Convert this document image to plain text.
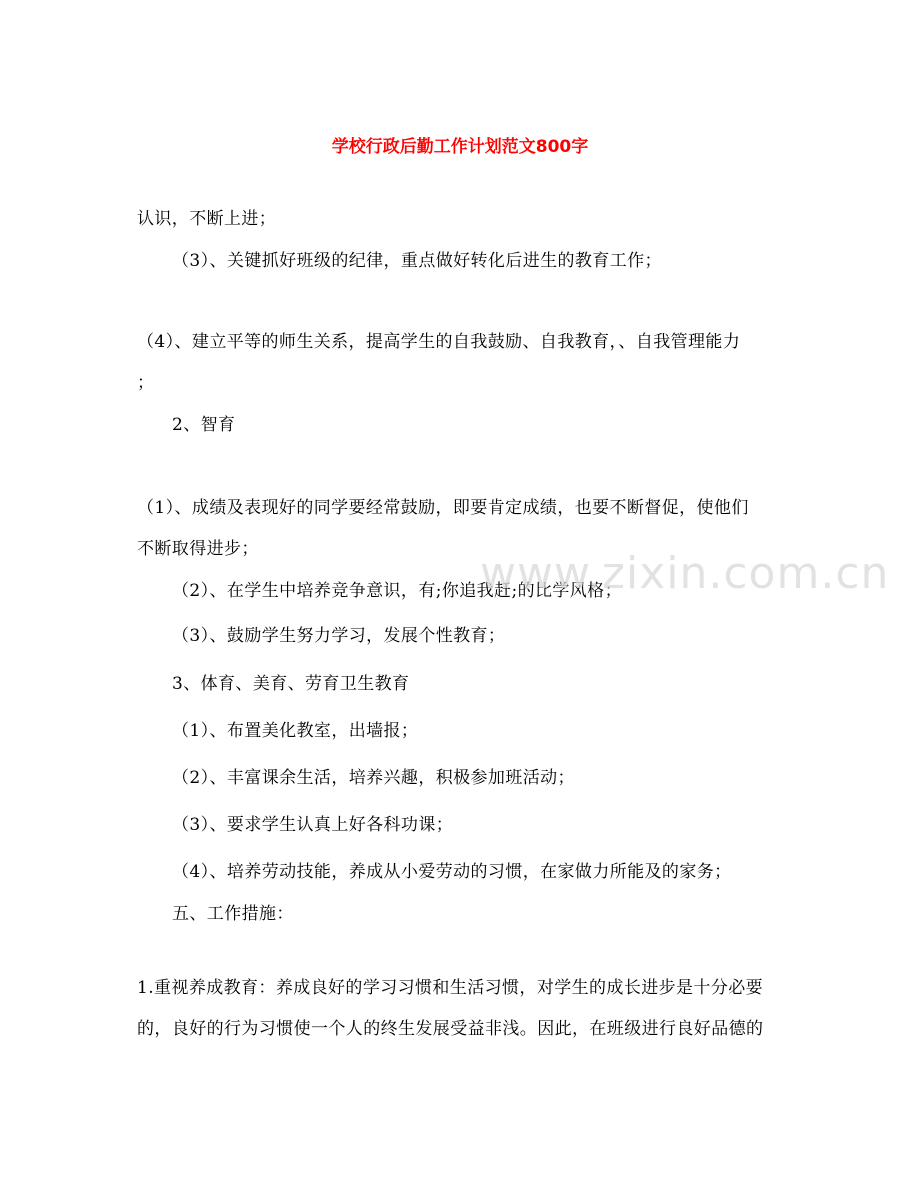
学校行政后勤工作计划范文800字
认识，不断上进；
（3）、关键抓好班级的纪律，重点做好转化后进生的教育工作；
（4）、建立平等的师生关系，提高学生的自我鼓励、自我教育，、自我管理能力
；
2、智育
（1）、成绩及表现好的同学要经常鼓励，即要肯定成绩，也要不断督促，使他们
不断取得进步；
（2）、在学生中培养竞争意识，有;你追我赶;的比学风格；
（3）、鼓励学生努力学习，发展个性教育；
3、体育、美育、劳育卫生教育
（1）、布置美化教室，出墙报；
（2）、丰富课余生活，培养兴趣，积极参加班活动；
（3）、要求学生认真上好各科功课；
（4）、培养劳动技能，养成从小爱劳动的习惯，在家做力所能及的家务；
五、工作措施：
1.重视养成教育：养成良好的学习习惯和生活习惯，对学生的成长进步是十分必要
的，良好的行为习惯使一个人的终生发展受益非浅。因此，在班级进行良好品德的
www.zixin.com.cn
